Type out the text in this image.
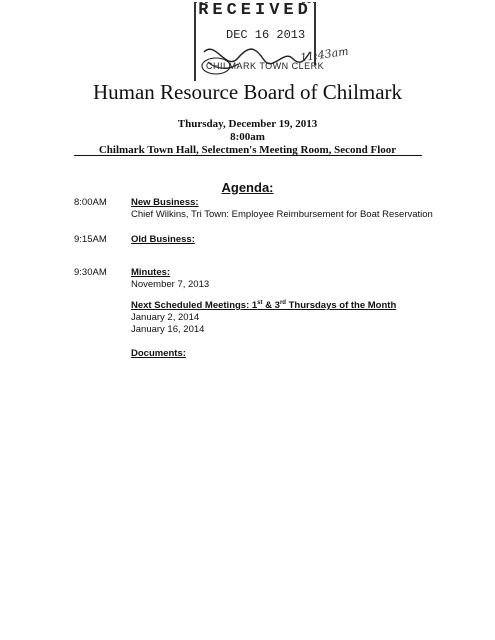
RECEIVED
DEC 16 2013
CHILMARK TOWN CLERK
11:43am
Human Resource Board of Chilmark
Thursday, December 19, 2013
8:00am
Chilmark Town Hall, Selectmen's Meeting Room, Second Floor
Agenda:
8:00AM	New Business:
Chief Wilkins, Tri Town: Employee Reimbursement for Boat Reservation
9:15AM	Old Business:
9:30AM	Minutes:
November 7, 2013
Next Scheduled Meetings: 1st & 3rd Thursdays of the Month
January 2, 2014
January 16, 2014
Documents:
